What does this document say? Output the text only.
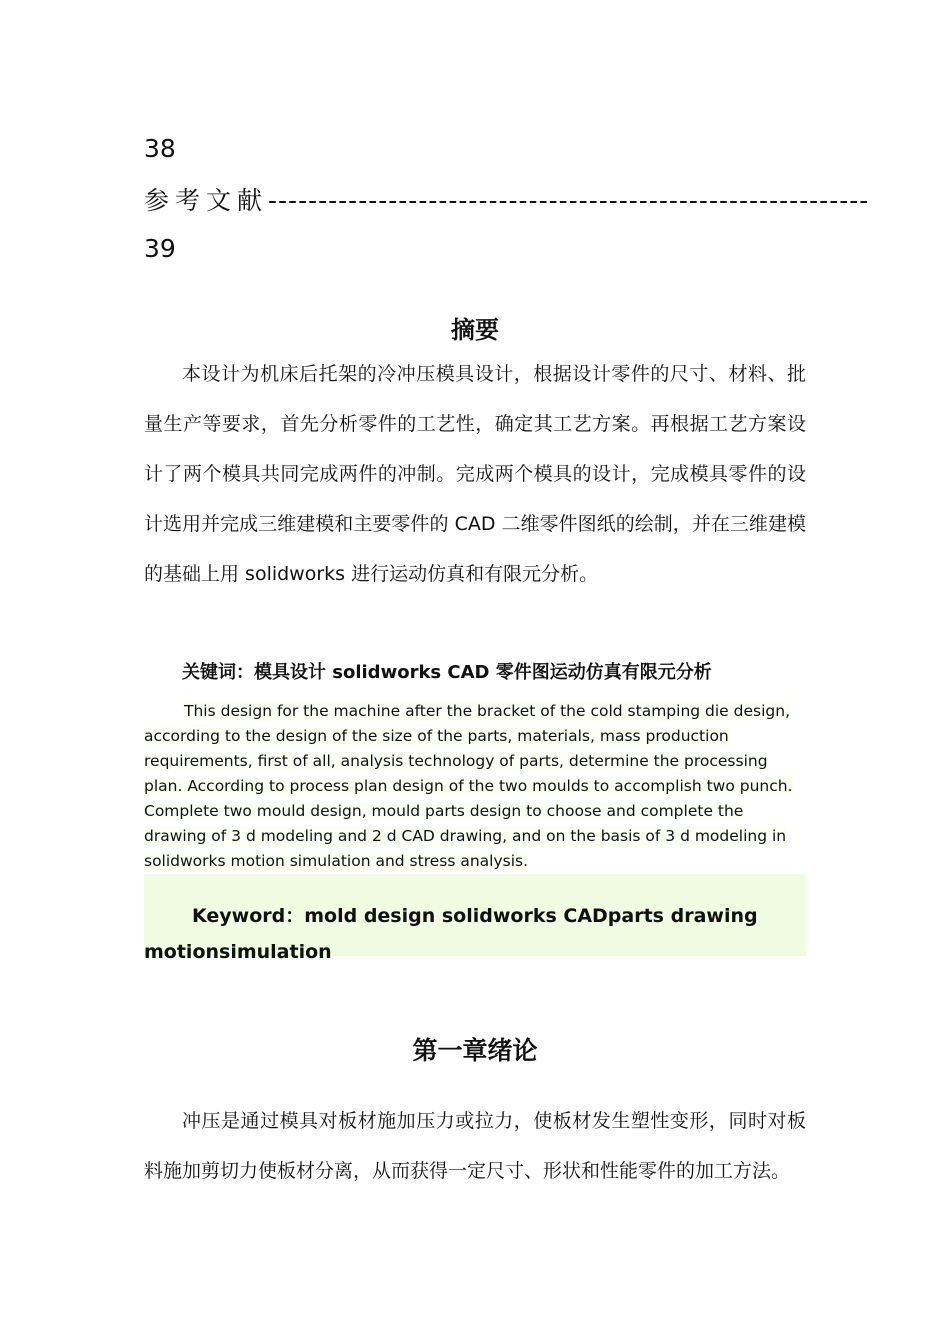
38
参考文献 ------------------------------------------------------------
39
摘要

本设计为机床后托架的冷冲压模具设计，根据设计零件的尺寸、材料、批量生产等要求，首先分析零件的工艺性，确定其工艺方案。再根据工艺方案设计了两个模具共同完成两件的冲制。完成两个模具的设计，完成模具零件的设计选用并完成三维建模和主要零件的 CAD 二维零件图纸的绘制，并在三维建模的基础上用 solidworks 进行运动仿真和有限元分析。

关键词：模具设计 solidworks CAD 零件图运动仿真有限元分析

This design for the machine after the bracket of the cold stamping die design, according to the design of the size of the parts, materials, mass production requirements, first of all, analysis technology of parts, determine the processing plan. According to process plan design of the two moulds to accomplish two punch. Complete two mould design, mould parts design to choose and complete the drawing of 3 d modeling and 2 d CAD drawing, and on the basis of 3 d modeling in solidworks motion simulation and stress analysis.

Keyword：mold design solidworks CADparts drawing motionsimulation

第一章绪论

冲压是通过模具对板材施加压力或拉力，使板材发生塑性变形，同时对板料施加剪切力使板材分离，从而获得一定尺寸、形状和性能零件的加工方法。
